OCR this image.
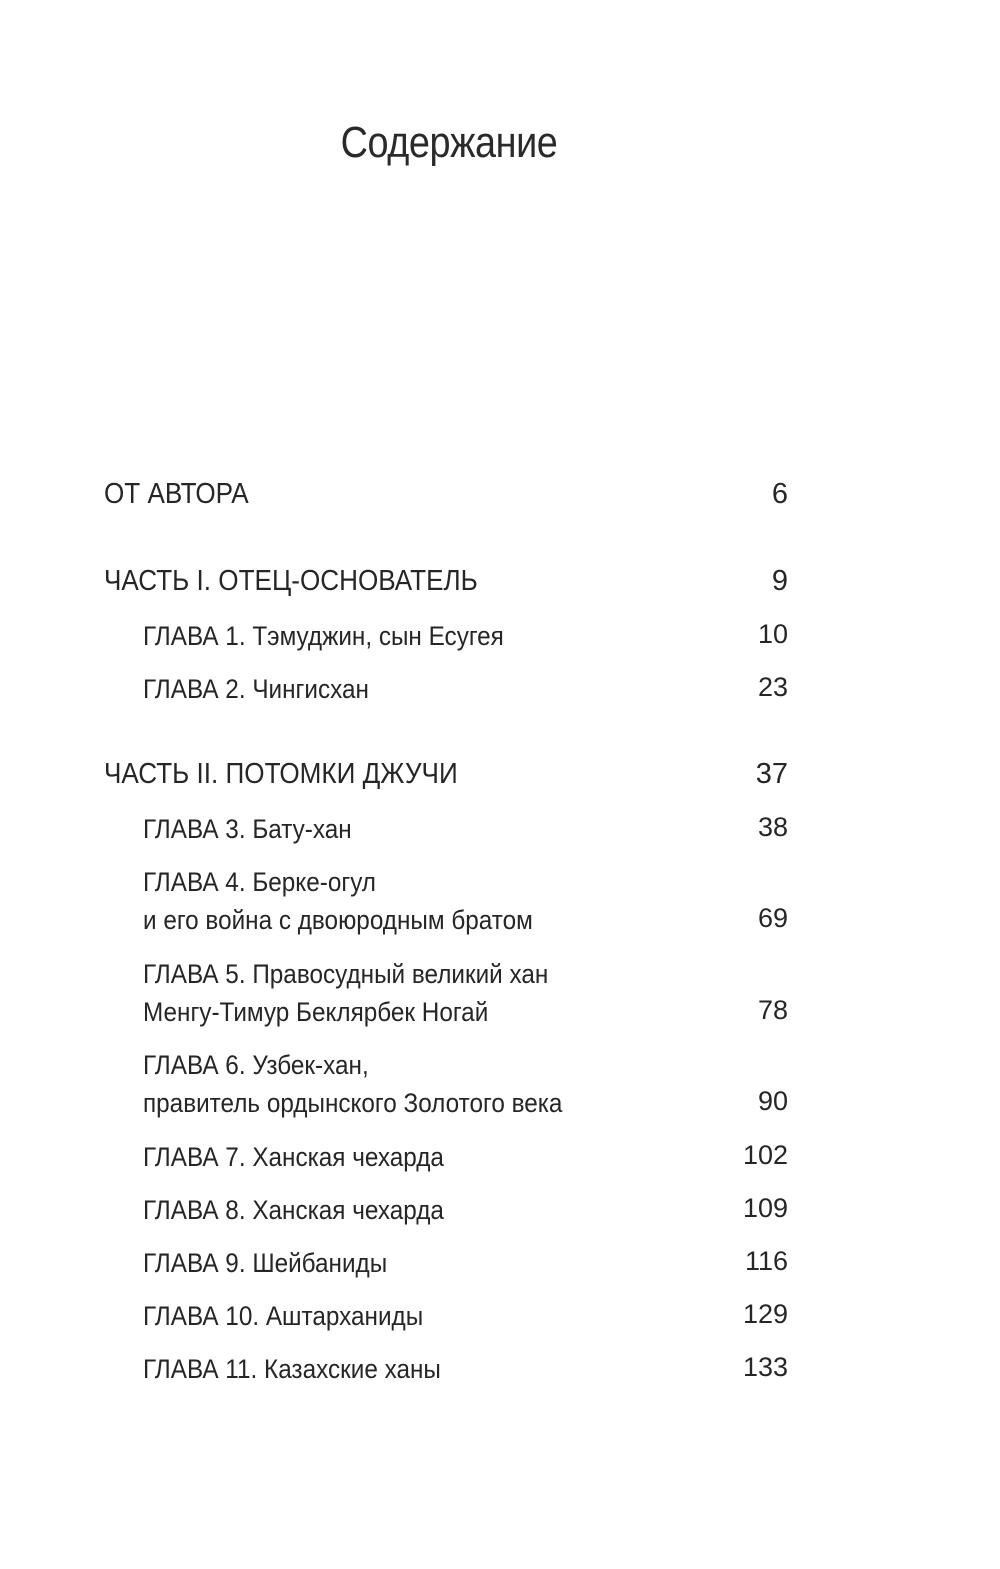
Содержание
ОТ АВТОРА	6
ЧАСТЬ I. ОТЕЦ-ОСНОВАТЕЛЬ	9
ГЛАВА 1. Тэмуджин, сын Есугея	10
ГЛАВА 2. Чингисхан	23
ЧАСТЬ II. ПОТОМКИ ДЖУЧИ	37
ГЛАВА 3. Бату-хан	38
ГЛАВА 4. Берке-огул
и его война с двоюродным братом	69
ГЛАВА 5. Правосудный великий хан
Менгу-Тимур Беклярбек Ногай	78
ГЛАВА 6. Узбек-хан,
правитель ордынского Золотого века	90
ГЛАВА 7. Ханская чехарда	102
ГЛАВА 8. Ханская чехарда	109
ГЛАВА 9. Шейбаниды	116
ГЛАВА 10. Аштарханиды	129
ГЛАВА 11. Казахские ханы	133
